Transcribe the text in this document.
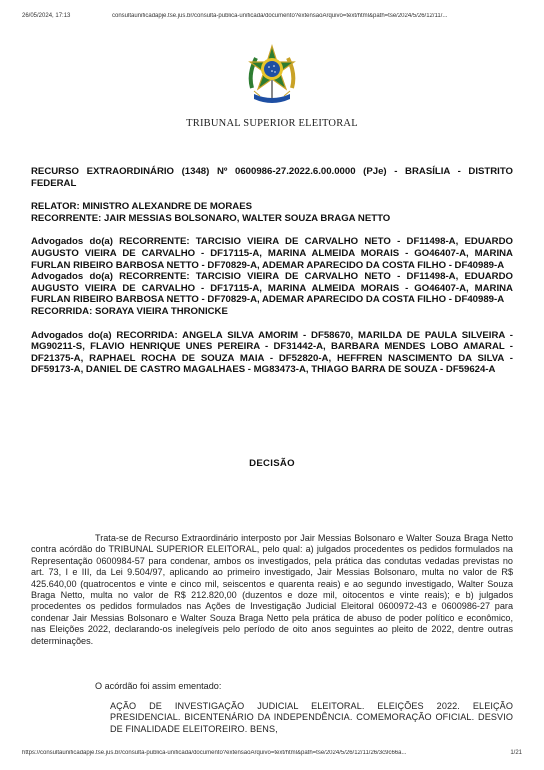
26/05/2024, 17:13	consultaunificadapje.tse.jus.br/consulta-publica-unificada/documento?extensaoArquivo=text/html&path=tse/2024/5/26/12/11/...
TRIBUNAL SUPERIOR ELEITORAL

RECURSO EXTRAORDINÁRIO (1348) Nº 0600986-27.2022.6.00.0000 (PJe) - BRASÍLIA - DISTRITO FEDERAL

RELATOR: MINISTRO ALEXANDRE DE MORAES

RECORRENTE: JAIR MESSIAS BOLSONARO, WALTER SOUZA BRAGA NETTO

Advogados do(a) RECORRENTE: TARCISIO VIEIRA DE CARVALHO NETO - DF11498-A, EDUARDO AUGUSTO VIEIRA DE CARVALHO - DF17115-A, MARINA ALMEIDA MORAIS - GO46407-A, MARINA FURLAN RIBEIRO BARBOSA NETTO - DF70829-A, ADEMAR APARECIDO DA COSTA FILHO - DF40989-A

Advogados do(a) RECORRENTE: TARCISIO VIEIRA DE CARVALHO NETO - DF11498-A, EDUARDO AUGUSTO VIEIRA DE CARVALHO - DF17115-A, MARINA ALMEIDA MORAIS - GO46407-A, MARINA FURLAN RIBEIRO BARBOSA NETTO - DF70829-A, ADEMAR APARECIDO DA COSTA FILHO - DF40989-A

RECORRIDA: SORAYA VIEIRA THRONICKE

Advogados do(a) RECORRIDA: ANGELA SILVA AMORIM - DF58670, MARILDA DE PAULA SILVEIRA - MG90211-S, FLAVIO HENRIQUE UNES PEREIRA - DF31442-A, BARBARA MENDES LOBO AMARAL - DF21375-A, RAPHAEL ROCHA DE SOUZA MAIA - DF52820-A, HEFFREN NASCIMENTO DA SILVA - DF59173-A, DANIEL DE CASTRO MAGALHAES - MG83473-A, THIAGO BARRA DE SOUZA - DF59624-A

DECISÃO

Trata-se de Recurso Extraordinário interposto por Jair Messias Bolsonaro e Walter Souza Braga Netto contra acórdão do TRIBUNAL SUPERIOR ELEITORAL, pelo qual: a) julgados procedentes os pedidos formulados na Representação 0600984-57 para condenar, ambos os investigados, pela prática das condutas vedadas previstas no art. 73, I e III, da Lei 9.504/97, aplicando ao primeiro investigado, Jair Messias Bolsonaro, multa no valor de R$ 425.640,00 (quatrocentos e vinte e cinco mil, seiscentos e quarenta reais) e ao segundo investigado, Walter Souza Braga Netto, multa no valor de R$ 212.820,00 (duzentos e doze mil, oitocentos e vinte reais); e b) julgados procedentes os pedidos formulados nas Ações de Investigação Judicial Eleitoral 0600972-43 e 0600986-27 para condenar Jair Messias Bolsonaro e Walter Souza Braga Netto pela prática de abuso de poder político e econômico, nas Eleições 2022, declarando-os inelegíveis pelo período de oito anos seguintes ao pleito de 2022, dentre outras determinações.

O acórdão foi assim ementado:
AÇÃO DE INVESTIGAÇÃO JUDICIAL ELEITORAL. ELEIÇÕES 2022. ELEIÇÃO PRESIDENCIAL. BICENTENÁRIO DA INDEPENDÊNCIA. COMEMORAÇÃO OFICIAL. DESVIO DE FINALIDADE ELEITOREIRO. BENS,
https://consultaunificadapje.tse.jus.br/consulta-publica-unificada/documento?extensaoArquivo=text/html&path=tse/2024/5/26/12/11/26/3c9c66a...	1/21
